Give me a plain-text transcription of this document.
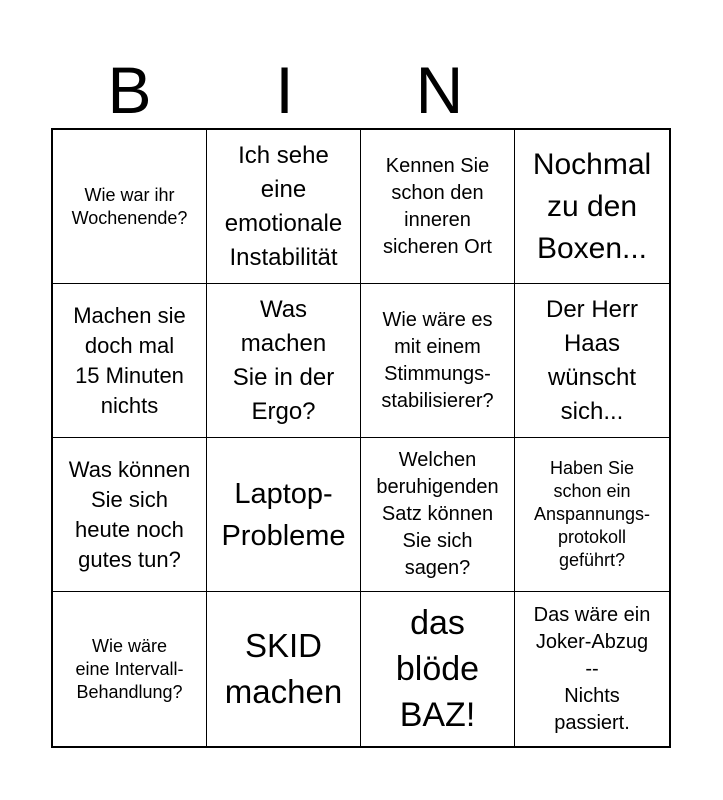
B	I	N
Wie war ihr
Wochenende?
Ich sehe
eine
emotionale
Instabilität
Kennen Sie
schon den
inneren
sicheren Ort
Nochmal
zu den
Boxen...
Machen sie
doch mal
15 Minuten
nichts
Was
machen
Sie in der
Ergo?
Wie wäre es
mit einem
Stimmungs-
stabilisierer?
Der Herr
Haas
wünscht
sich...
Was können
Sie sich
heute noch
gutes tun?
Laptop-
Probleme
Welchen
beruhigenden
Satz können
Sie sich
sagen?
Haben Sie
schon ein
Anspannungs-
protokoll
geführt?
Wie wäre
eine Intervall-
Behandlung?
SKID
machen
das
blöde
BAZ!
Das wäre ein
Joker-Abzug
--
Nichts
passiert.
